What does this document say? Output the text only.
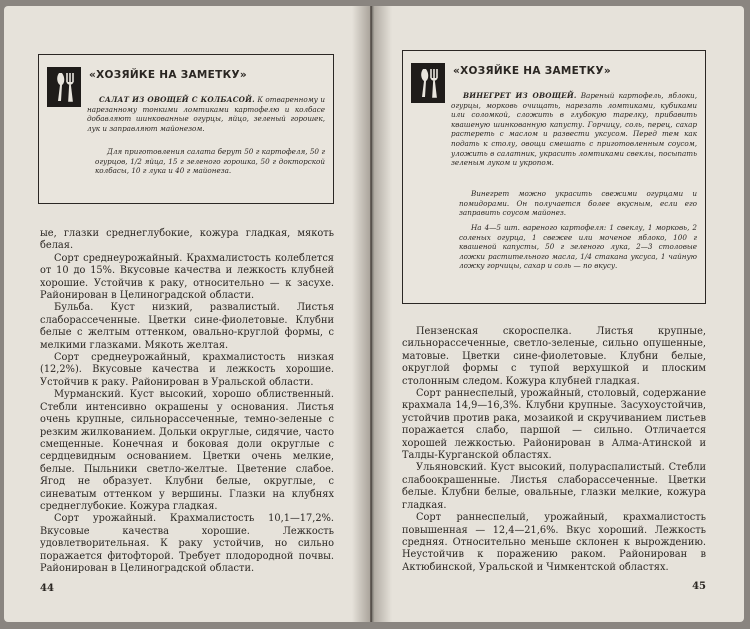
«ХОЗЯЙКЕ НА ЗАМЕТКУ»
САЛАТ ИЗ ОВОЩЕЙ С КОЛБАСОЙ. К отваренному и нарезанному тонкими ломтиками картофелю и колбасе добавляют шинкованные огурцы, яйцо, зеленый горошек, лук и заправляют майонезом.
Для приготовления салата берут 50 г картофеля, 50 г огурцов, 1/2 яйца, 15 г зеленого горошка, 50 г докторской колбасы, 10 г лука и 40 г майонеза.

ые, глазки среднеглубокие, кожура гладкая, мякоть белая.

Сорт среднеурожайный. Крахмалистость колеблется от 10 до 15%. Вкусовые качества и лежкость клубней хорошие. Устойчив к раку, относительно — к засухе. Районирован в Целиноградской области.

Бульба. Куст низкий, развалистый. Листья слаборассеченные. Цветки сине-фиолетовые. Клубни белые с желтым оттенком, овально-круглой формы, с мелкими глазками. Мякоть желтая.

Сорт среднеурожайный, крахмалистость низкая (12,2%). Вкусовые качества и лежкость хорошие. Устойчив к раку. Районирован в Уральской области.

Мурманский. Куст высокий, хорошо облиственный. Стебли интенсивно окрашены у основания. Листья очень крупные, сильнорассеченные, темно-зеленые с резким жилкованием. Дольки округлые, сидячие, часто смещенные. Конечная и боковая доли округлые с сердцевидным основанием. Цветки очень мелкие, белые. Пыльники светло-желтые. Цветение слабое. Ягод не образует. Клубни белые, округлые, с синеватым оттенком у вершины. Глазки на клубнях среднеглубокие. Кожура гладкая.

Сорт урожайный. Крахмалистость 10,1—17,2%. Вкусовые качества хорошие. Лежкость удовлетворительная. К раку устойчив, но сильно поражается фитофторой. Требует плодородной почвы. Районирован в Целиноградской области.

44
«ХОЗЯЙКЕ НА ЗАМЕТКУ»
ВИНЕГРЕТ ИЗ ОВОЩЕЙ. Вареный картофель, яблоки, огурцы, морковь очищать, нарезать ломтиками, кубиками или соломкой, сложить в глубокую тарелку, прибавить квашеную шинкованную капусту. Горчицу, соль, перец, сахар растереть с маслом и развести уксусом. Перед тем как подать к столу, овощи смешать с приготовленным соусом, уложить в салатник, украсить ломтиками свеклы, посыпать зеленым луком и укропом.
Винегрет можно украсить свежими огурцами и помидорами. Он получается более вкусным, если его заправить соусом майонез.
На 4—5 шт. вареного картофеля: 1 свеклу, 1 морковь, 2 соленых огурца, 1 свежее или моченое яблоко, 100 г квашеной капусты, 50 г зеленого лука, 2—3 столовые ложки растительного масла, 1/4 стакана уксуса, 1 чайную ложку горчицы, сахар и соль — по вкусу.

Пензенская скороспелка. Листья крупные, сильнорассеченные, светло-зеленые, сильно опушенные, матовые. Цветки сине-фиолетовые. Клубни белые, округлой формы с тупой верхушкой и плоским столонным следом. Кожура клубней гладкая.

Сорт раннеспелый, урожайный, столовый, содержание крахмала 14,9—16,3%. Клубни крупные. Засухоустойчив, устойчив против рака, мозаикой и скручиванием листьев поражается слабо, паршой — сильно. Отличается хорошей лежкостью. Районирован в Алма-Атинской и Талды-Курганской областях.

Ульяновский. Куст высокий, полураспалистый. Стебли слабоокрашенные. Листья слаборассеченные. Цветки белые. Клубни белые, овальные, глазки мелкие, кожура гладкая.

Сорт раннеспелый, урожайный, крахмалистость повышенная — 12,4—21,6%. Вкус хороший. Лежкость средняя. Относительно меньше склонен к вырождению. Неустойчив к поражению раком. Районирован в Актюбинской, Уральской и Чимкентской областях.

45
